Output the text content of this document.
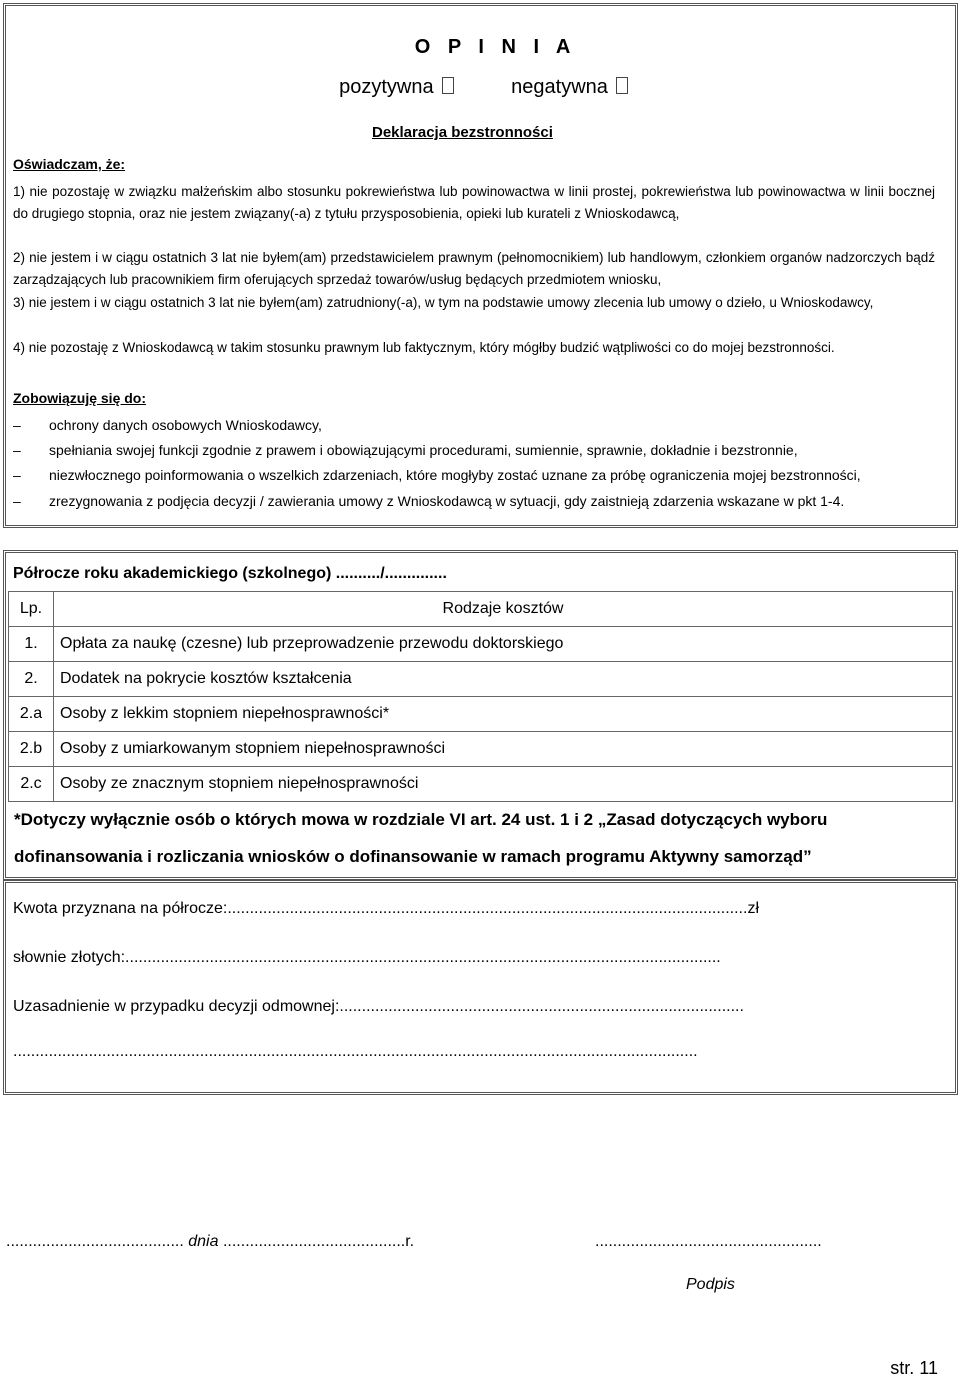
O P I N I A
pozytywna	negatywna
Deklaracja bezstronności
Oświadczam, że:
1) nie pozostaję w związku małżeńskim albo stosunku pokrewieństwa lub powinowactwa w linii prostej, pokrewieństwa lub powinowactwa w linii bocznej do drugiego stopnia, oraz nie jestem związany(-a) z tytułu przysposobienia, opieki lub kurateli z Wnioskodawcą,
2) nie jestem i w ciągu ostatnich 3 lat nie byłem(am) przedstawicielem prawnym (pełnomocnikiem) lub handlowym, członkiem organów nadzorczych bądź zarządzających lub pracownikiem firm oferujących sprzedaż towarów/usług będących przedmiotem wniosku,
3) nie jestem i w ciągu ostatnich 3 lat nie byłem(am) zatrudniony(-a), w tym na podstawie umowy zlecenia lub umowy o dzieło, u Wnioskodawcy,
4) nie pozostaję z Wnioskodawcą w takim stosunku prawnym lub faktycznym, który mógłby budzić wątpliwości co do mojej bezstronności.
Zobowiązuję się do:
– ochrony danych osobowych Wnioskodawcy,
– spełniania swojej funkcji zgodnie z prawem i obowiązującymi procedurami, sumiennie, sprawnie, dokładnie i bezstronnie,
– niezwłocznego poinformowania o wszelkich zdarzeniach, które mogłyby zostać uznane za próbę ograniczenia mojej bezstronności,
– zrezygnowania z podjęcia decyzji / zawierania umowy z Wnioskodawcą w sytuacji, gdy zaistnieją zdarzenia wskazane w pkt 1-4.
Półrocze roku akademickiego (szkolnego) ........../..............
Lp.	Rodzaje kosztów
1.	Opłata za naukę (czesne) lub przeprowadzenie przewodu doktorskiego
2.	Dodatek na pokrycie kosztów kształcenia
2.a	Osoby z lekkim stopniem niepełnosprawności*
2.b	Osoby z umiarkowanym stopniem niepełnosprawności
2.c	Osoby ze znacznym stopniem niepełnosprawności
*Dotyczy wyłącznie osób o których mowa w rozdziale VI art. 24 ust. 1 i 2 „Zasad dotyczących wyboru
dofinansowania i rozliczania wniosków o dofinansowanie w ramach programu Aktywny samorząd”
Kwota przyznana na półrocze:.....................................................................................................................zł
słownie złotych:......................................................................................................................................
Uzasadnienie w przypadku decyzji odmownej:...........................................................................................
..........................................................................................................................................................
........................................ dnia .........................................r.	...................................................
Podpis
str. 11
